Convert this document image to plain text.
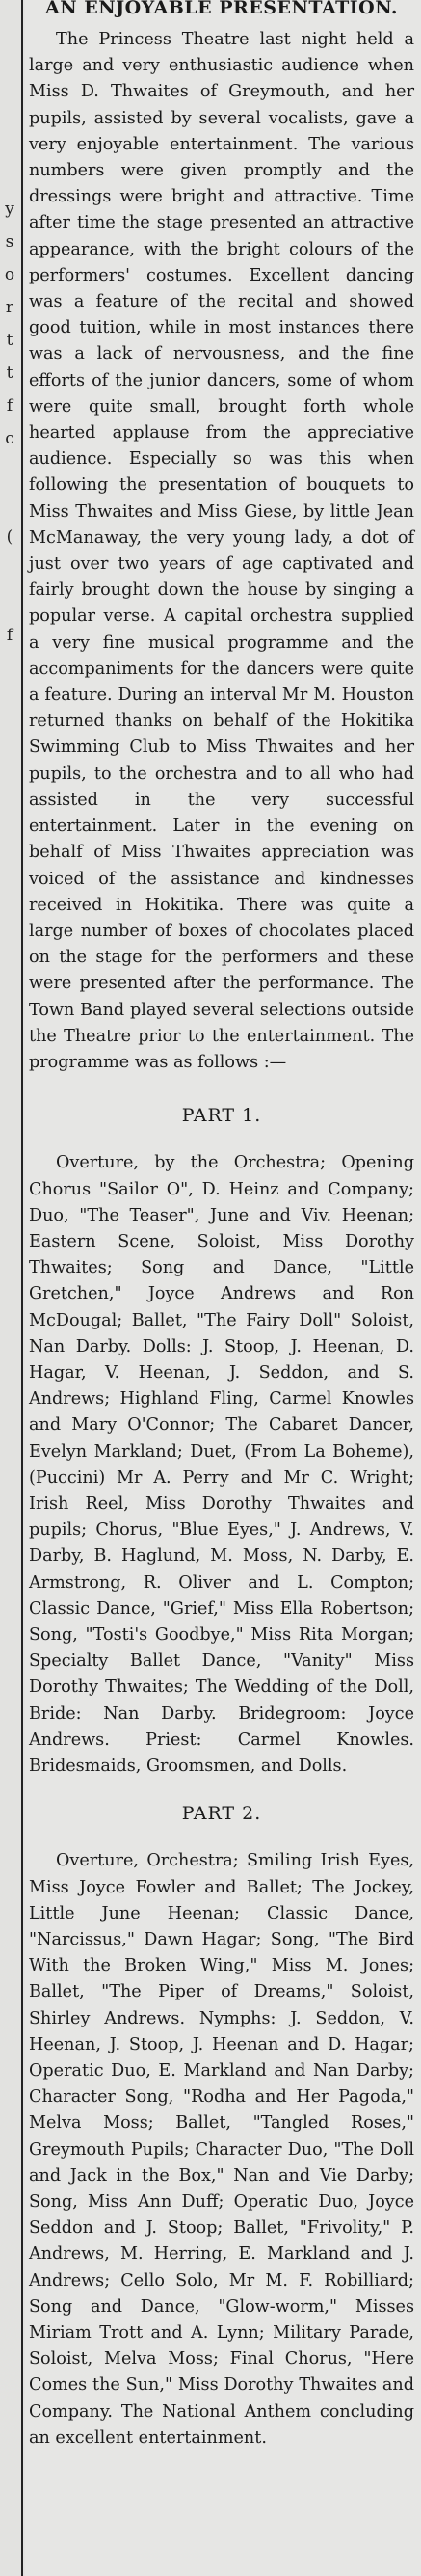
y
s
o
r
t
t
f
c

(

f
AN ENJOYABLE PRESENTATION.

The Princess Theatre last night held a large and very enthusiastic audience when Miss D. Thwaites of Greymouth, and her pupils, assisted by several vocalists, gave a very enjoyable entertainment. The various numbers were given promptly and the dressings were bright and attractive. Time after time the stage presented an attractive appearance, with the bright colours of the performers' costumes. Excellent dancing was a feature of the recital and showed good tuition, while in most instances there was a lack of nervousness, and the fine efforts of the junior dancers, some of whom were quite small, brought forth whole hearted applause from the appreciative audience. Especially so was this when following the presentation of bouquets to Miss Thwaites and Miss Giese, by little Jean McManaway, the very young lady, a dot of just over two years of age captivated and fairly brought down the house by singing a popular verse. A capital orchestra supplied a very fine musical programme and the accompaniments for the dancers were quite a feature. During an interval Mr M. Houston returned thanks on behalf of the Hokitika Swimming Club to Miss Thwaites and her pupils, to the orchestra and to all who had assisted in the very successful entertainment. Later in the evening on behalf of Miss Thwaites appreciation was voiced of the assistance and kindnesses received in Hokitika. There was quite a large number of boxes of chocolates placed on the stage for the performers and these were presented after the performance. The Town Band played several selections outside the Theatre prior to the entertainment. The programme was as follows :—

PART 1.

Overture, by the Orchestra; Opening Chorus "Sailor O", D. Heinz and Company; Duo, "The Teaser", June and Viv. Heenan; Eastern Scene, Soloist, Miss Dorothy Thwaites; Song and Dance, "Little Gretchen," Joyce Andrews and Ron McDougal; Ballet, "The Fairy Doll" Soloist, Nan Darby. Dolls: J. Stoop, J. Heenan, D. Hagar, V. Heenan, J. Seddon, and S. Andrews; Highland Fling, Carmel Knowles and Mary O'Connor; The Cabaret Dancer, Evelyn Markland; Duet, (From La Boheme), (Puccini) Mr A. Perry and Mr C. Wright; Irish Reel, Miss Dorothy Thwaites and pupils; Chorus, "Blue Eyes," J. Andrews, V. Darby, B. Haglund, M. Moss, N. Darby, E. Armstrong, R. Oliver and L. Compton; Classic Dance, "Grief," Miss Ella Robertson; Song, "Tosti's Goodbye," Miss Rita Morgan; Specialty Ballet Dance, "Vanity" Miss Dorothy Thwaites; The Wedding of the Doll, Bride: Nan Darby. Bridegroom: Joyce Andrews. Priest: Carmel Knowles. Bridesmaids, Groomsmen, and Dolls.

PART 2.

Overture, Orchestra; Smiling Irish Eyes, Miss Joyce Fowler and Ballet; The Jockey, Little June Heenan; Classic Dance, "Narcissus," Dawn Hagar; Song, "The Bird With the Broken Wing," Miss M. Jones; Ballet, "The Piper of Dreams," Soloist, Shirley Andrews. Nymphs: J. Seddon, V. Heenan, J. Stoop, J. Heenan and D. Hagar; Operatic Duo, E. Markland and Nan Darby; Character Song, "Rodha and Her Pagoda," Melva Moss; Ballet, "Tangled Roses," Greymouth Pupils; Character Duo, "The Doll and Jack in the Box," Nan and Vie Darby; Song, Miss Ann Duff; Operatic Duo, Joyce Seddon and J. Stoop; Ballet, "Frivolity," P. Andrews, M. Herring, E. Markland and J. Andrews; Cello Solo, Mr M. F. Robilliard; Song and Dance, "Glow-worm," Misses Miriam Trott and A. Lynn; Military Parade, Soloist, Melva Moss; Final Chorus, "Here Comes the Sun," Miss Dorothy Thwaites and Company. The National Anthem concluding an excellent entertainment.
